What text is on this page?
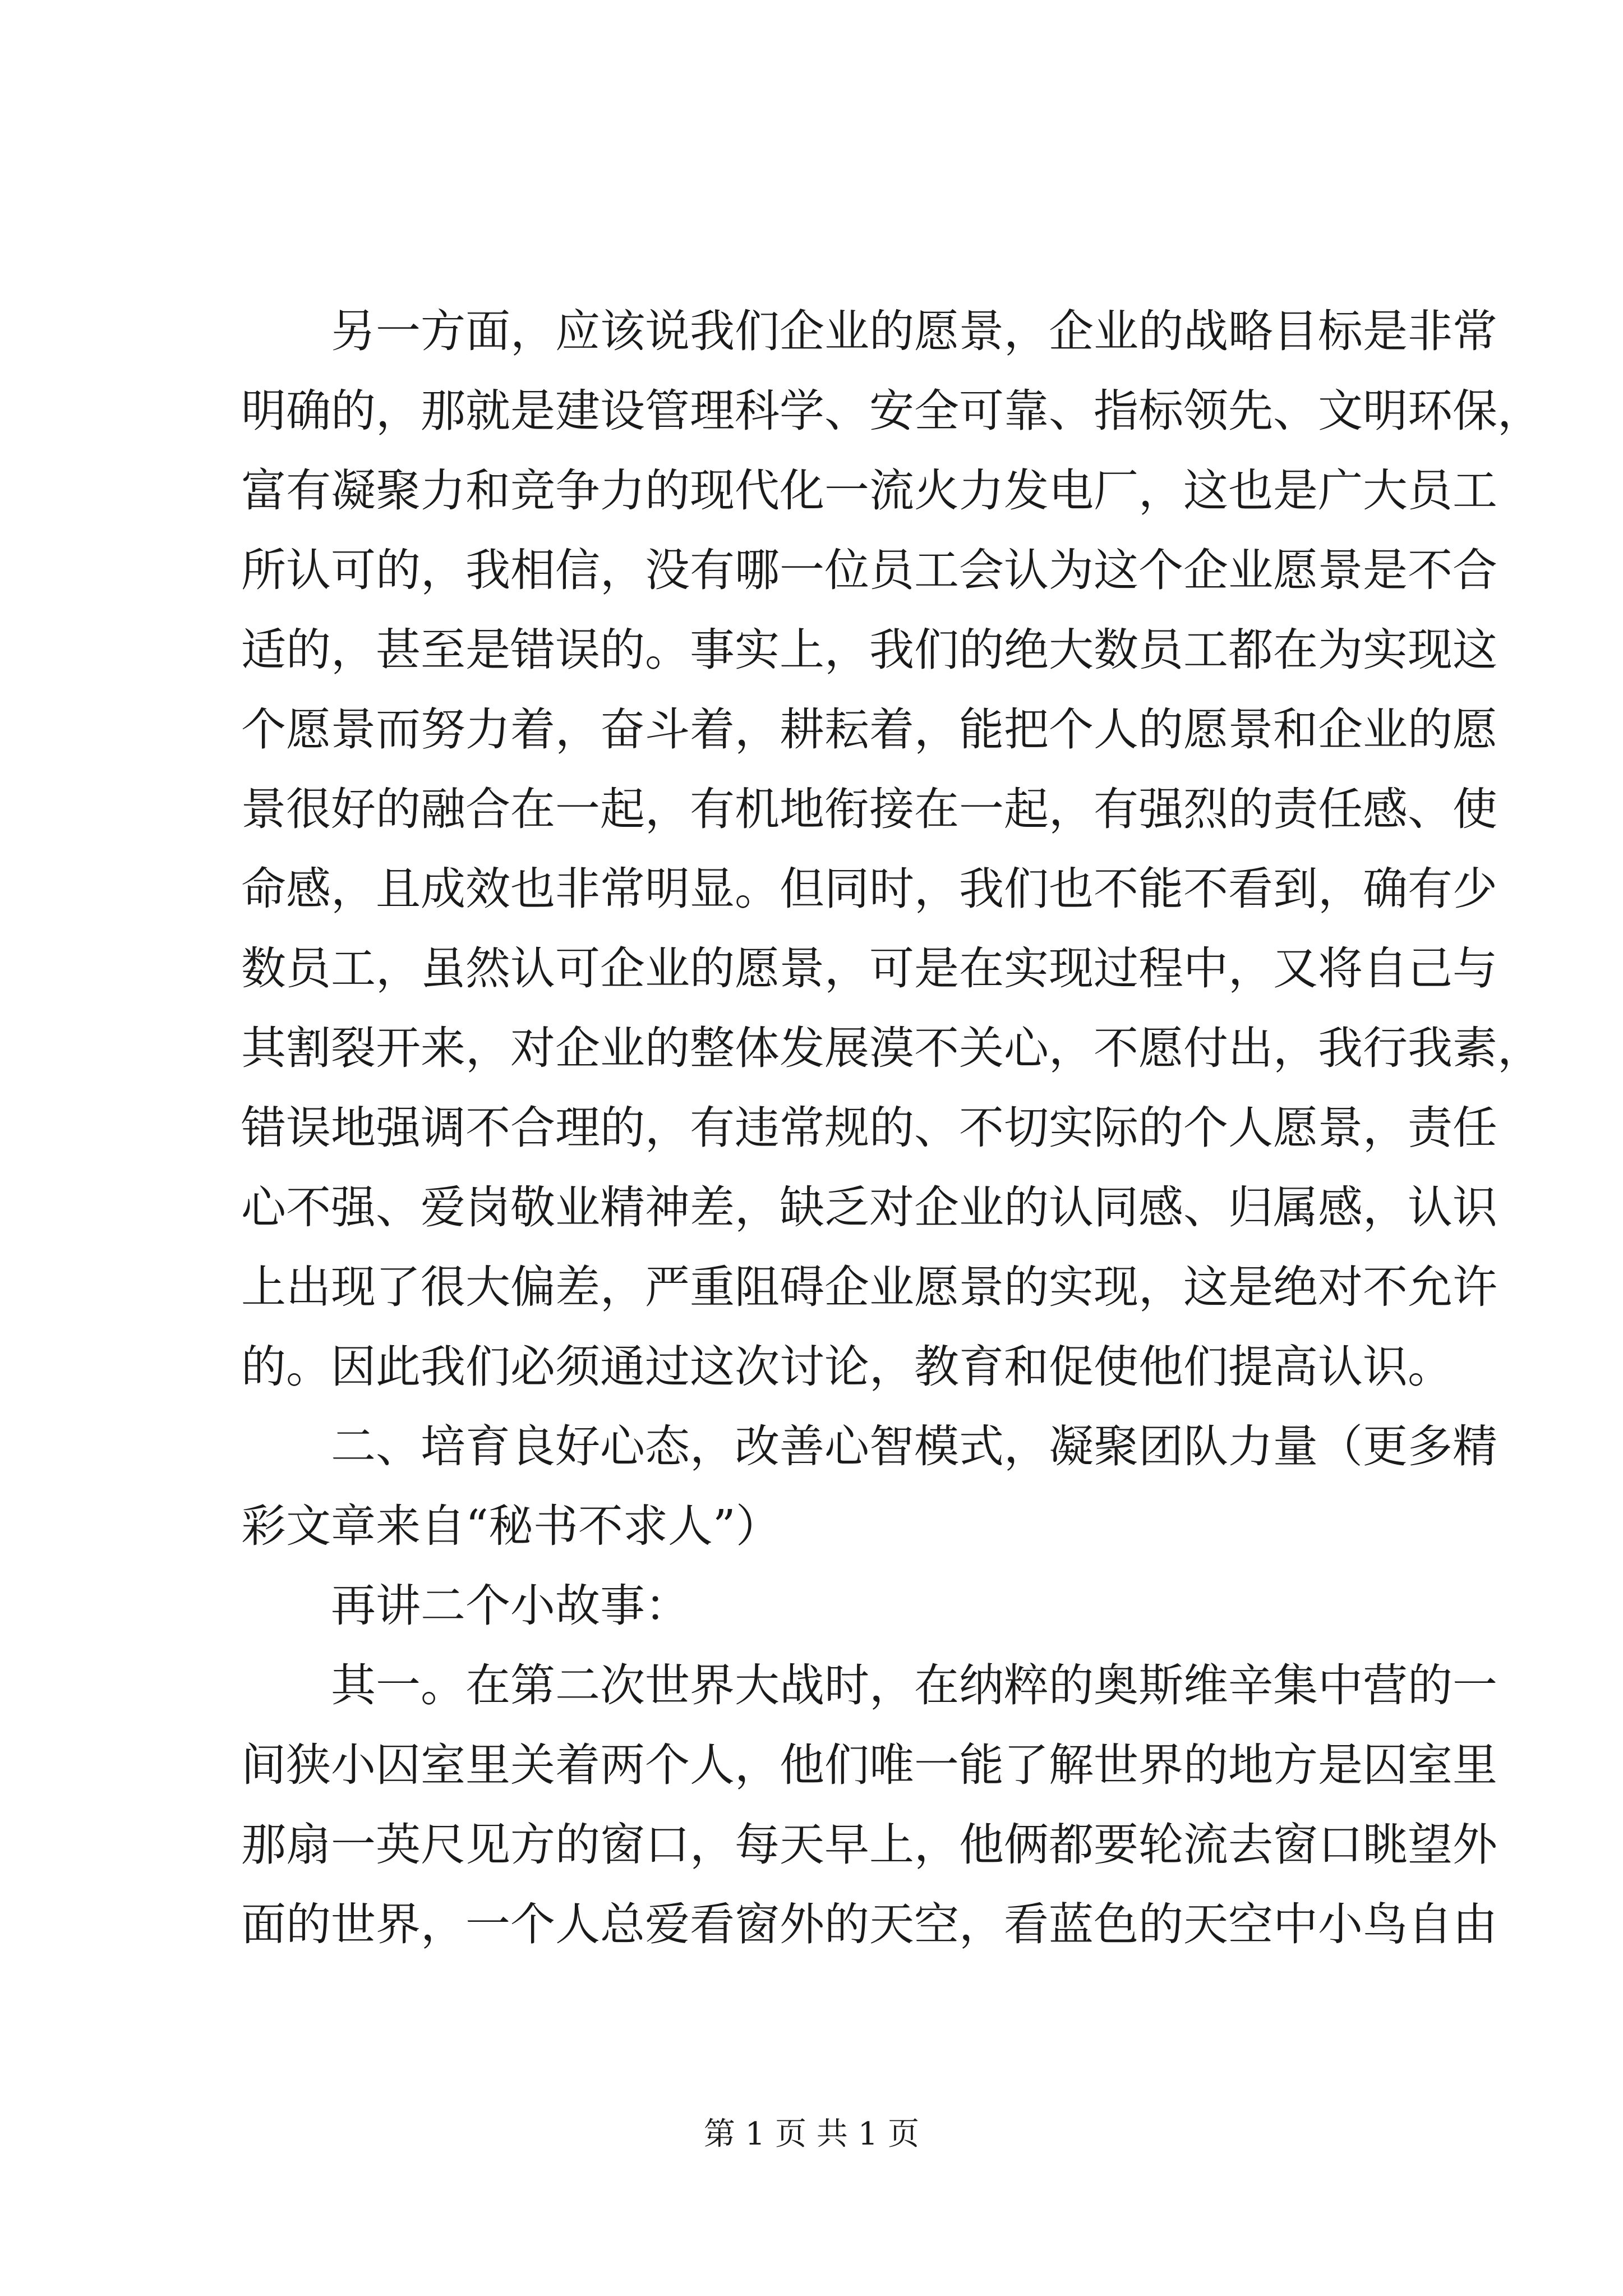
　　另一方面，应该说我们企业的愿景，企业的战略目标是非常
明确的，那就是建设管理科学、安全可靠、指标领先、文明环保，
富有凝聚力和竞争力的现代化一流火力发电厂，这也是广大员工
所认可的，我相信，没有哪一位员工会认为这个企业愿景是不合
适的，甚至是错误的。事实上，我们的绝大数员工都在为实现这
个愿景而努力着，奋斗着，耕耘着，能把个人的愿景和企业的愿
景很好的融合在一起，有机地衔接在一起，有强烈的责任感、使
命感，且成效也非常明显。但同时，我们也不能不看到，确有少
数员工，虽然认可企业的愿景，可是在实现过程中，又将自己与
其割裂开来，对企业的整体发展漠不关心，不愿付出，我行我素，
错误地强调不合理的，有违常规的、不切实际的个人愿景，责任
心不强、爱岗敬业精神差，缺乏对企业的认同感、归属感，认识
上出现了很大偏差，严重阻碍企业愿景的实现，这是绝对不允许
的。因此我们必须通过这次讨论，教育和促使他们提高认识。
　　二、培育良好心态，改善心智模式，凝聚团队力量（更多精
彩文章来自“秘书不求人”）
　　再讲二个小故事：
　　其一。在第二次世界大战时，在纳粹的奥斯维辛集中营的一
间狭小囚室里关着两个人，他们唯一能了解世界的地方是囚室里
那扇一英尺见方的窗口，每天早上，他俩都要轮流去窗口眺望外
面的世界，一个人总爱看窗外的天空，看蓝色的天空中小鸟自由
第 1 页 共 1 页
